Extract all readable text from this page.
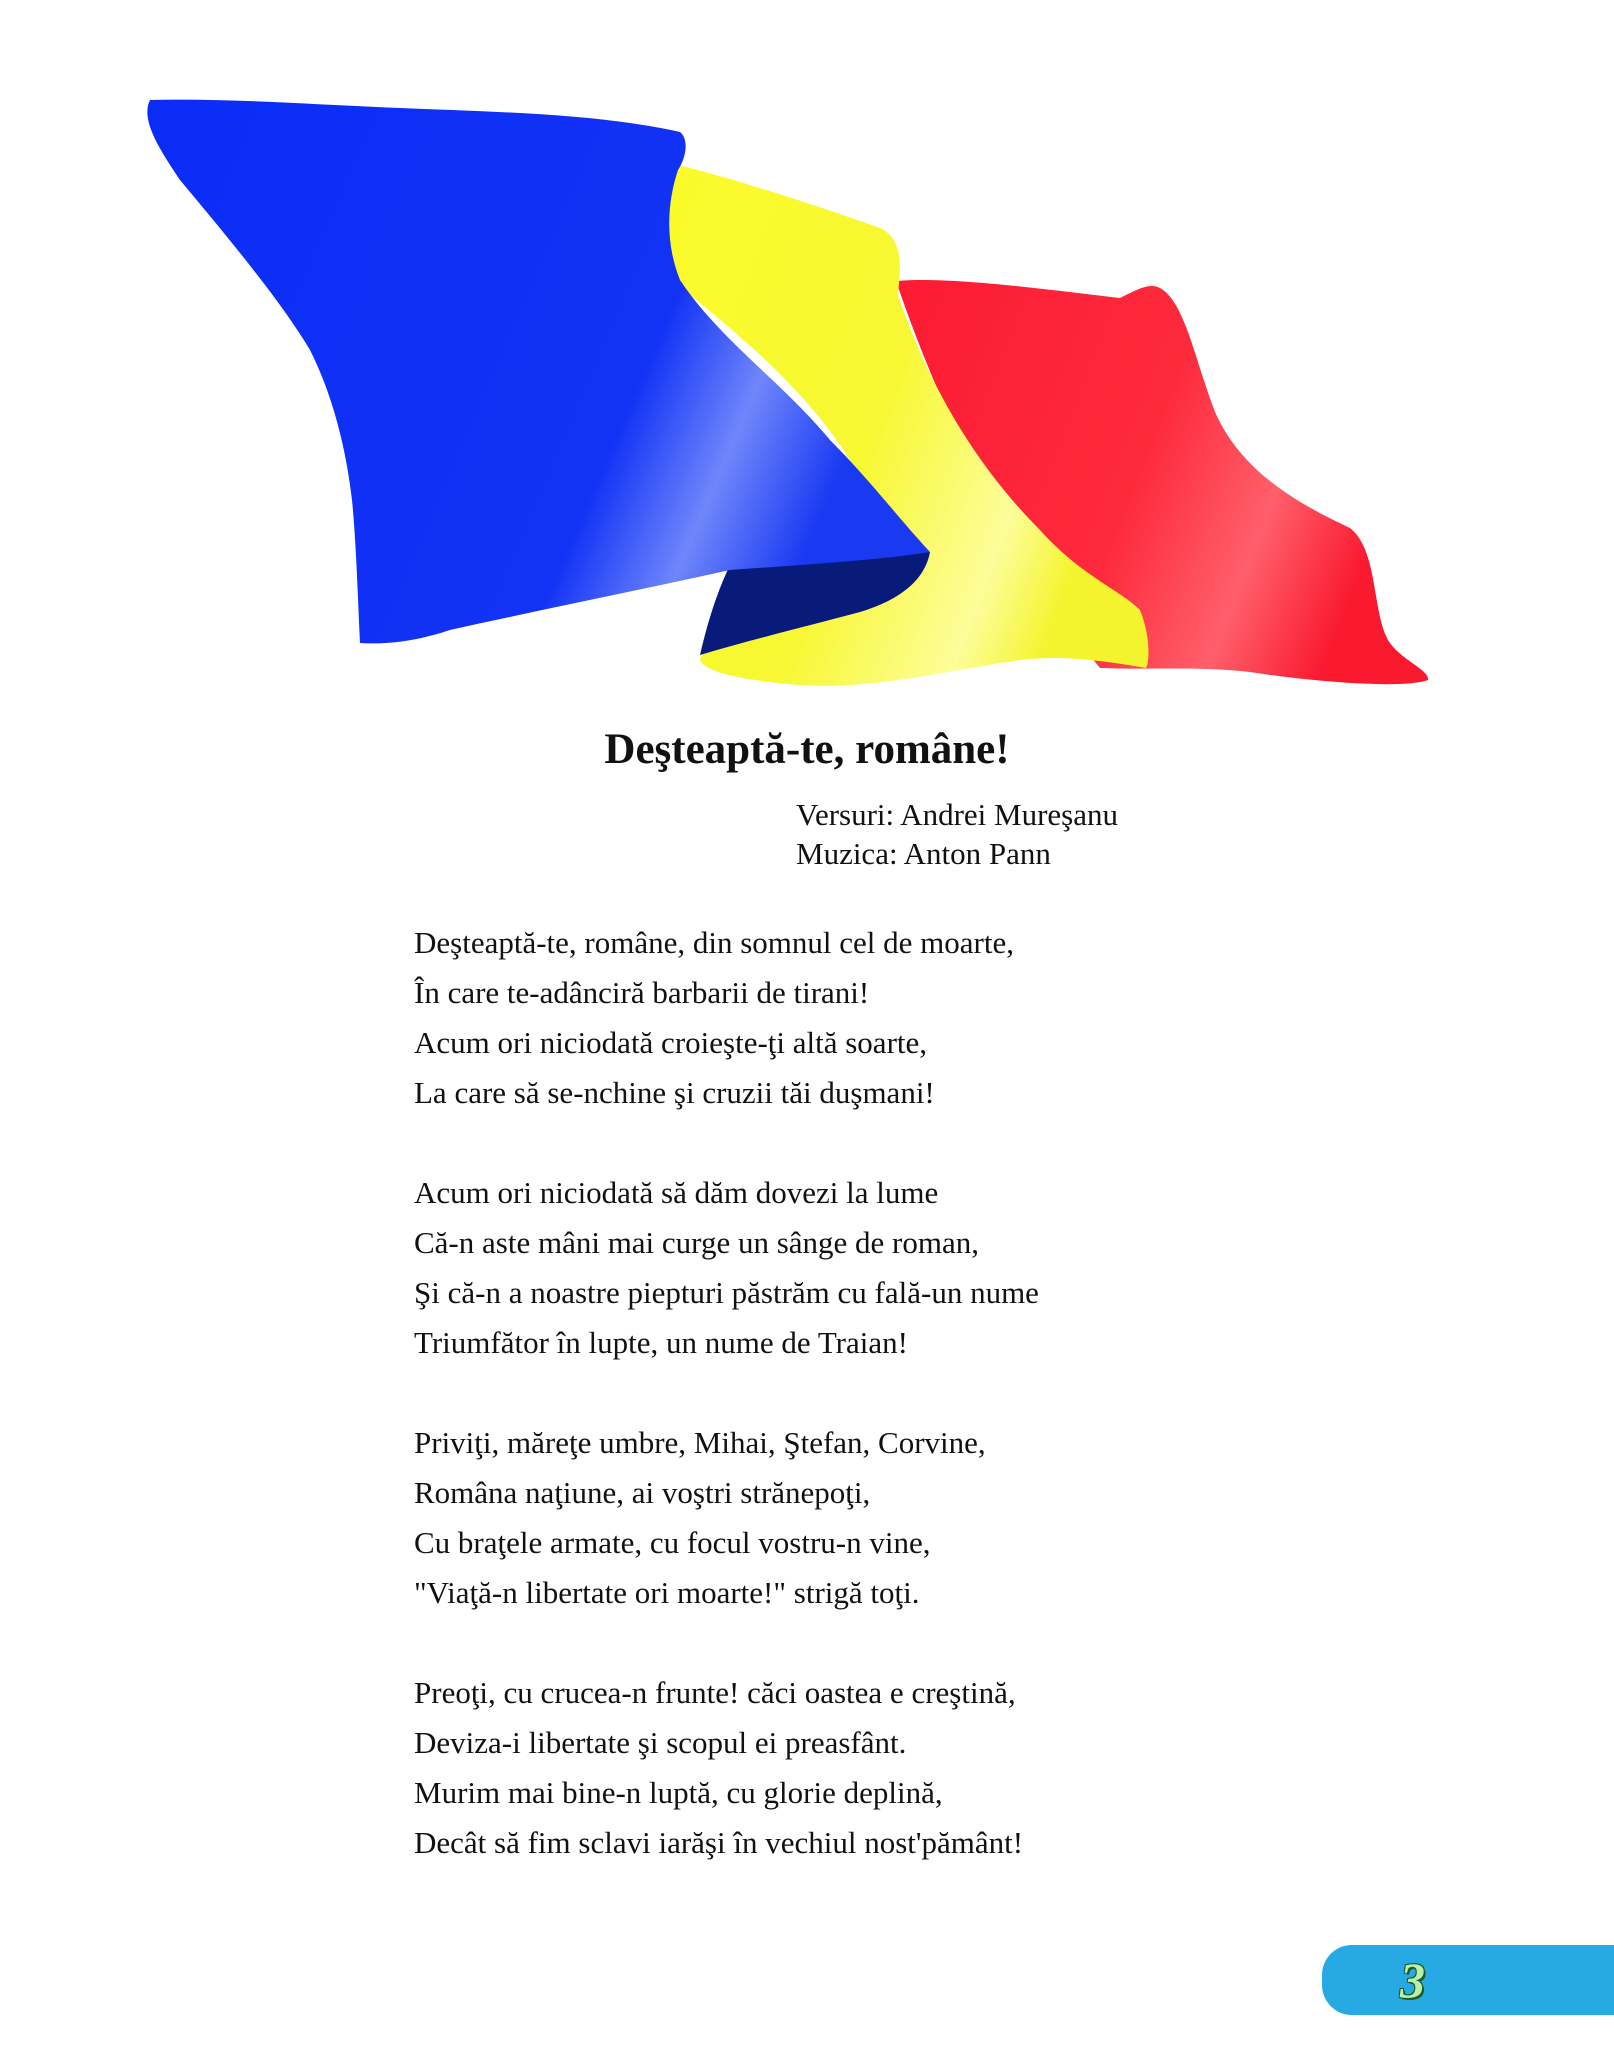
Deşteaptă-te, române!
Versuri: Andrei Mureşanu
Muzica: Anton Pann
Deşteaptă-te, române, din somnul cel de moarte,
În care te-adânciră barbarii de tirani!
Acum ori niciodată croieşte-ţi altă soarte,
La care să se-nchine şi cruzii tăi duşmani!
Acum ori niciodată să dăm dovezi la lume
Că-n aste mâni mai curge un sânge de roman,
Şi că-n a noastre piepturi păstrăm cu fală-un nume
Triumfător în lupte, un nume de Traian!
Priviţi, măreţe umbre, Mihai, Ştefan, Corvine,
Româna naţiune, ai voştri strănepoţi,
Cu braţele armate, cu focul vostru-n vine,
"Viaţă-n libertate ori moarte!" strigă toţi.
Preoţi, cu crucea-n frunte! căci oastea e creştină,
Deviza-i libertate şi scopul ei preasfânt.
Murim mai bine-n luptă, cu glorie deplină,
Decât să fim sclavi iarăşi în vechiul nost'pământ!
3
